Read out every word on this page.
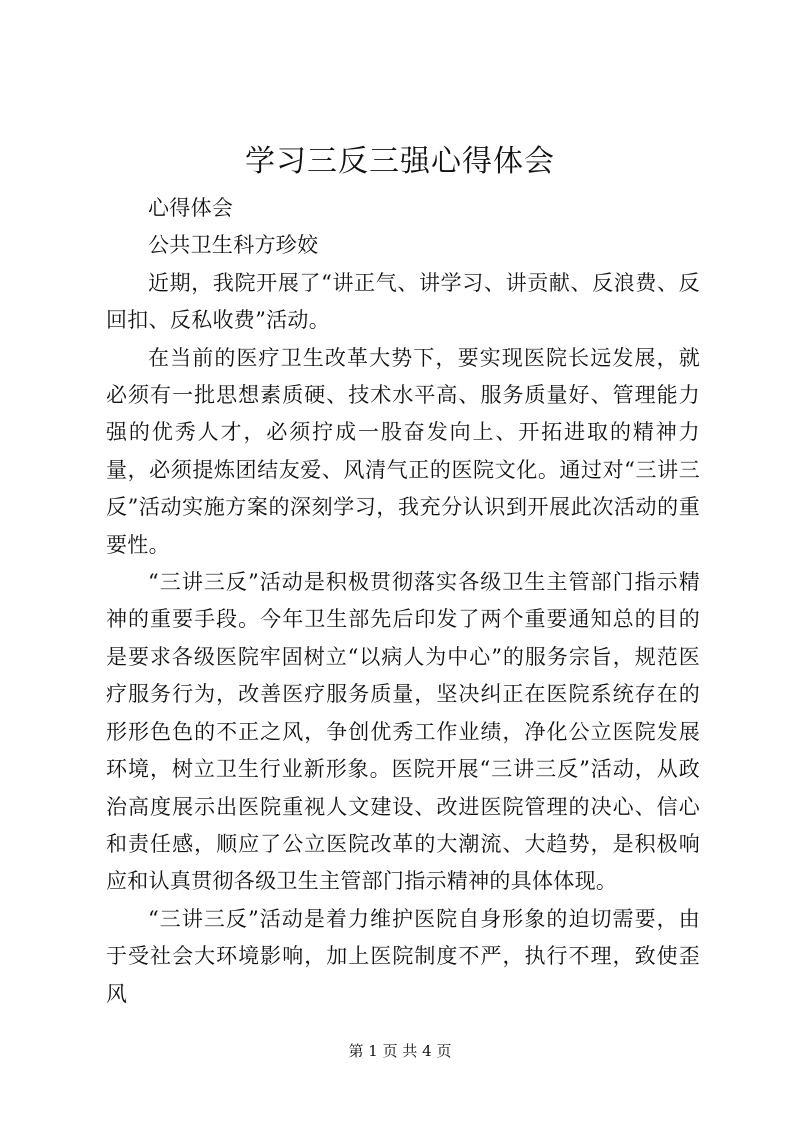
学习三反三强心得体会

心得体会

公共卫生科方珍姣

近期，我院开展了“讲正气、讲学习、讲贡献、反浪费、反回扣、反私收费”活动。

在当前的医疗卫生改革大势下，要实现医院长远发展，就必须有一批思想素质硬、技术水平高、服务质量好、管理能力强的优秀人才，必须拧成一股奋发向上、开拓进取的精神力量，必须提炼团结友爱、风清气正的医院文化。通过对“三讲三反”活动实施方案的深刻学习，我充分认识到开展此次活动的重要性。

“三讲三反”活动是积极贯彻落实各级卫生主管部门指示精神的重要手段。今年卫生部先后印发了两个重要通知总的目的是要求各级医院牢固树立“以病人为中心”的服务宗旨，规范医疗服务行为，改善医疗服务质量，坚决纠正在医院系统存在的形形色色的不正之风，争创优秀工作业绩，净化公立医院发展环境，树立卫生行业新形象。医院开展“三讲三反”活动，从政治高度展示出医院重视人文建设、改进医院管理的决心、信心和责任感，顺应了公立医院改革的大潮流、大趋势，是积极响应和认真贯彻各级卫生主管部门指示精神的具体体现。

“三讲三反”活动是着力维护医院自身形象的迫切需要，由于受社会大环境影响，加上医院制度不严，执行不理，致使歪风

第 1 页 共 4 页
